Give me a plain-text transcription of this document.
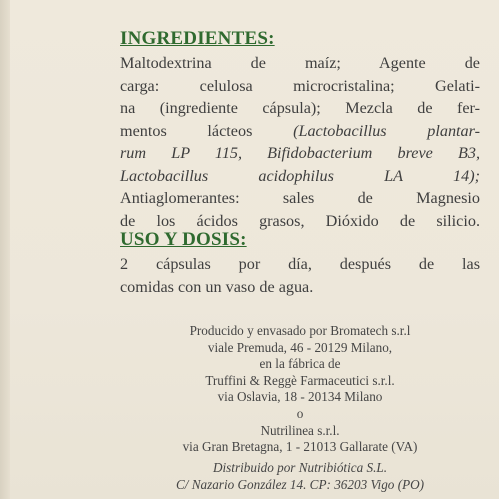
INGREDIENTES:
Maltodextrina de maíz; Agente de
carga: celulosa microcristalina; Gelati-
na (ingrediente cápsula); Mezcla de fer-
mentos lácteos (Lactobacillus plantar-
rum LP 115, Bifidobacterium breve B3,
Lactobacillus acidophilus LA 14);
Antiaglomerantes: sales de Magnesio
de los ácidos grasos, Dióxido de silicio.
USO Y DOSIS:
2 cápsulas por día, después de las
comidas con un vaso de agua.
Producido y envasado por Bromatech s.r.l
viale Premuda, 46 - 20129 Milano,
en la fábrica de
Truffini & Reggè Farmaceutici s.r.l.
via Oslavia, 18 - 20134 Milano
o
Nutrilinea s.r.l.
via Gran Bretagna, 1 - 21013 Gallarate (VA)
Distribuido por Nutribiótica S.L.
C/ Nazario González 14. CP: 36203 Vigo (PO)
